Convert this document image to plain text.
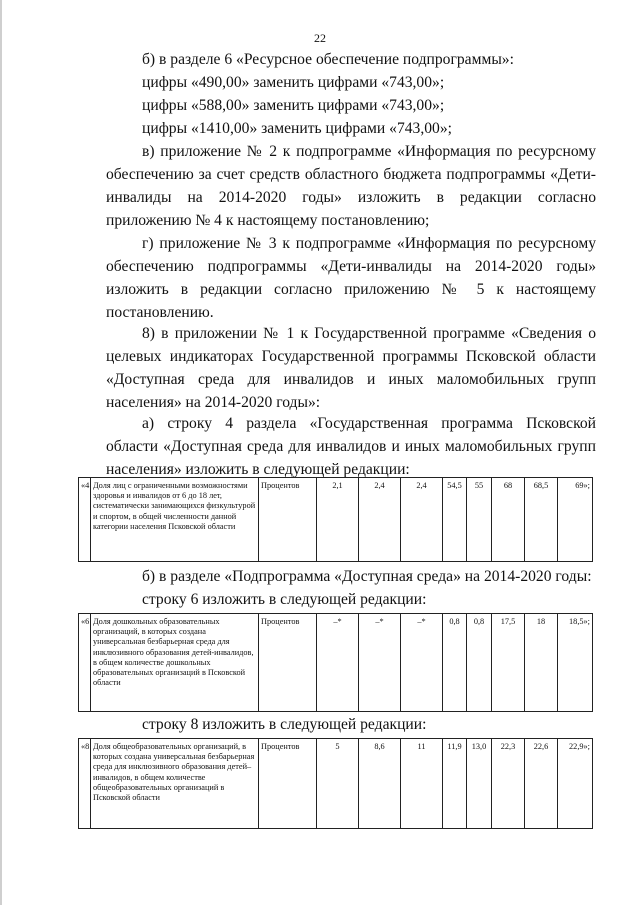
22

б) в разделе 6 «Ресурсное обеспечение подпрограммы»:

цифры «490,00» заменить цифрами «743,00»;

цифры «588,00» заменить цифрами «743,00»;

цифры «1410,00» заменить цифрами «743,00»;

в) приложение № 2 к подпрограмме «Информация по ресурсному обеспечению за счет средств областного бюджета подпрограммы «Дети-инвалиды на 2014-2020 годы» изложить в редакции согласно приложению № 4 к настоящему постановлению;

г) приложение № 3 к подпрограмме «Информация по ресурсному обеспечению подпрограммы «Дети-инвалиды на 2014-2020 годы» изложить в редакции согласно приложению № 5 к настоящему постановлению.

8) в приложении № 1 к Государственной программе «Сведения о целевых индикаторах Государственной программы Псковской области «Доступная среда для инвалидов и иных маломобильных групп населения» на 2014-2020 годы»:

а) строку 4 раздела «Государственная программа Псковской области «Доступная среда для инвалидов и иных маломобильных групп населения» изложить в следующей редакции:

«4	Доля лиц с ограниченными возможностями здоровья и инвалидов от 6 до 18 лет, систематически занимающихся физкультурой и спортом, в общей численности данной категории населения Псковской области	Процентов	2,1	2,4	2,4	54,5	55	68	68,5	69»;

б) в разделе «Подпрограмма «Доступная среда» на 2014-2020 годы:

строку 6 изложить в следующей редакции:

«6	Доля дошкольных образовательных организаций, в которых создана универсальная безбарьерная среда для инклюзивного образования детей-инвалидов, в общем количестве дошкольных образовательных организаций в Псковской области	Процентов	–*	–*	–*	0,8	0,8	17,5	18	18,5»;

строку 8 изложить в следующей редакции:

«8	Доля общеобразовательных организаций, в которых создана универсальная безбарьерная среда для инклюзивного образования детей–инвалидов, в общем количестве общеобразовательных организаций в Псковской области	Процентов	5	8,6	11	11,9	13,0	22,3	22,6	22,9»;
